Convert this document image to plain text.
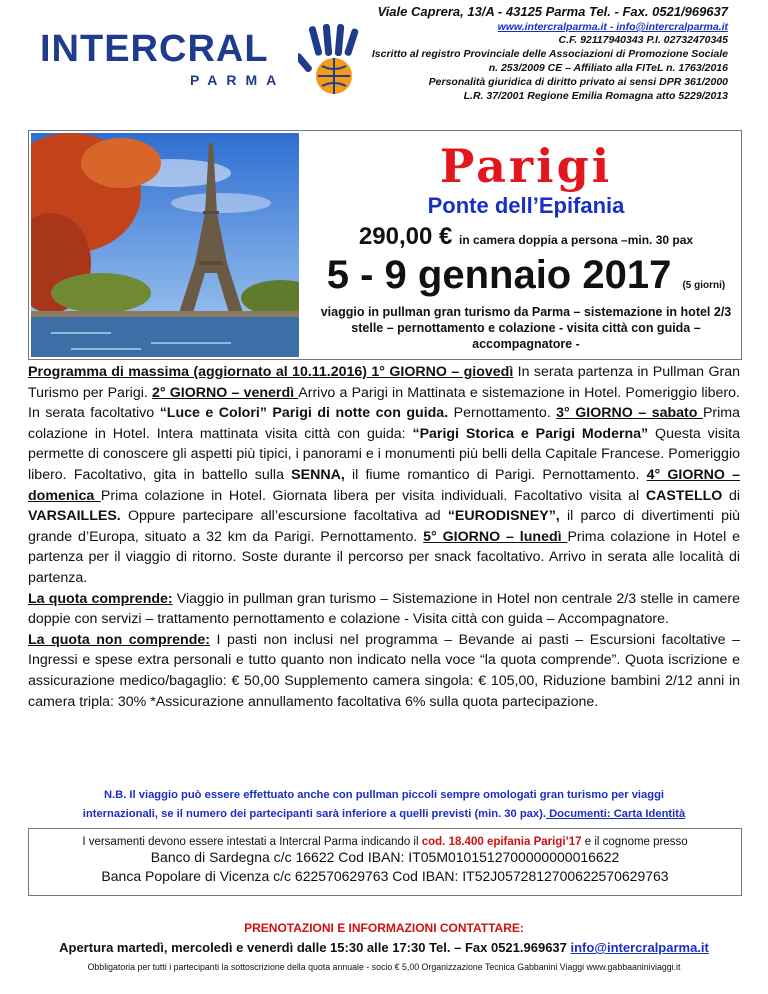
INTERCRAL
PARMA
Viale Caprera, 13/A - 43125 Parma Tel. - Fax. 0521/969637
www.intercralparma.it - info@intercralparma.it
C.F. 92117940343 P.I. 02732470345
Iscritto al registro Provinciale delle Associazioni di Promozione Sociale
n. 253/2009 CE – Affiliato alla FITeL n. 1763/2016
Personalità giuridica di diritto privato ai sensi DPR 361/2000
L.R. 37/2001 Regione Emilia Romagna atto 5229/2013
Parigi
Ponte dell’Epifania
290,00 € in camera doppia a persona –min. 30 pax
5 - 9 gennaio 2017 (5 giorni)
viaggio in pullman gran turismo da Parma – sistemazione in hotel 2/3 stelle – pernottamento e colazione - visita città con guida – accompagnatore -
Programma di massima (aggiornato al 10.11.2016) 1° GIORNO – giovedì In serata partenza in Pullman Gran Turismo per Parigi. 2° GIORNO – venerdì Arrivo a Parigi in Mattinata e sistemazione in Hotel. Pomeriggio libero. In serata facoltativo “Luce e Colori” Parigi di notte con guida. Pernottamento. 3° GIORNO – sabato Prima colazione in Hotel. Intera mattinata visita città con guida: “Parigi Storica e Parigi Moderna” Questa visita permette di conoscere gli aspetti più tipici, i panorami e i monumenti più belli della Capitale Francese. Pomeriggio libero. Facoltativo, gita in battello sulla SENNA, il fiume romantico di Parigi. Pernottamento. 4° GIORNO – domenica Prima colazione in Hotel. Giornata libera per visita individuali. Facoltativo visita al CASTELLO di VARSAILLES. Oppure partecipare all’escursione facoltativa ad “EURODISNEY”, il parco di divertimenti più grande d’Europa, situato a 32 km da Parigi. Pernottamento. 5° GIORNO – lunedì Prima colazione in Hotel e partenza per il viaggio di ritorno. Soste durante il percorso per snack facoltativo. Arrivo in serata alle località di partenza.
La quota comprende: Viaggio in pullman gran turismo – Sistemazione in Hotel non centrale 2/3 stelle in camere doppie con servizi – trattamento pernottamento e colazione - Visita città con guida – Accompagnatore.
La quota non comprende: I pasti non inclusi nel programma – Bevande ai pasti – Escursioni facoltative – Ingressi e spese extra personali e tutto quanto non indicato nella voce “la quota comprende”. Quota iscrizione e assicurazione medico/bagaglio: € 50,00 Supplemento camera singola: € 105,00, Riduzione bambini 2/12 anni in camera tripla: 30% *Assicurazione annullamento facoltativa 6% sulla quota partecipazione.
N.B. Il viaggio può essere effettuato anche con pullman piccoli sempre omologati gran turismo per viaggi
internazionali, se il numero dei partecipanti sarà inferiore a quelli previsti (min. 30 pax). Documenti: Carta Identità
I versamenti devono essere intestati a Intercral Parma indicando il cod. 18.400 epifania Parigi’17 e il cognome presso
Banco di Sardegna c/c 16622 Cod IBAN: IT05M0101512700000000016622
Banca Popolare di Vicenza c/c 622570629763 Cod IBAN: IT52J0572812700622570629763
PRENOTAZIONI E INFORMAZIONI CONTATTARE:
Apertura martedì, mercoledì e venerdì dalle 15:30 alle 17:30 Tel. – Fax 0521.969637 info@intercralparma.it
Obbligatoria per tutti i partecipanti la sottoscrizione della quota annuale - socio € 5,00 Organizzazione Tecnica Gabbanini Viaggi www.gabbaaniniviaggi.it
